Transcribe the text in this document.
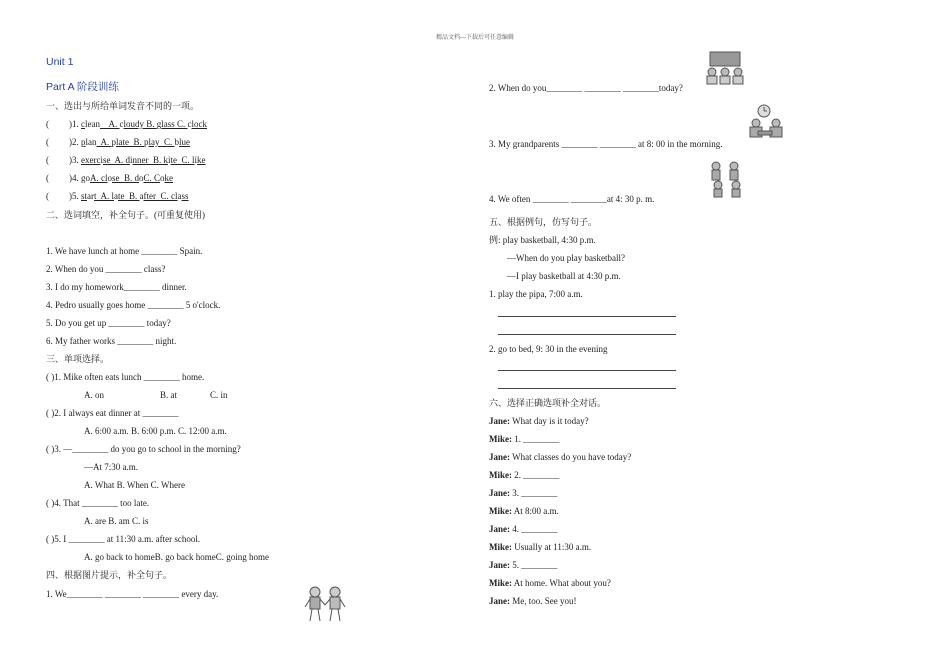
精品文档---下载后可任意编辑
Unit 1
Part A 阶段训练
一、选出与所给单词发音不同的一项。
( )1. clean    A. cloudy B. glass C. clock
( )2. plan  A. plate  B. play  C. blue
( )3. exercise  A. dinner  B. kite  C. like
( )4. goA. close  B. doC. Coke
( )5. start  A. late  B. after  C. class
二、选词填空，补全句子。(可重复使用)
1. We have lunch at home ________ Spain.
2. When do you ________ class?
3. I do my homework________ dinner.
4. Pedro usually goes home ________ 5 o'clock.
5. Do you get up ________ today?
6. My father works ________ night.
三、单项选择。
( )1. Mike often eats lunch ________ home.
A. on	B. at	C. in
( )2. I always eat dinner at ________
A. 6:00 a.m. B. 6:00 p.m. C. 12:00 a.m.
( )3. —________ do you go to school in the morning?
—At 7:30 a.m.
A. What B. When C. Where
( )4. That ________ too late.
A. are B. am C. is
( )5. I ________ at 11:30 a.m. after school.
A. go back to homeB. go back homeC. going home
四、根据图片提示，补全句子。
1. We________ ________ ________ every day.
2. When do you________ ________ ________today?
3. My grandparents ________ ________ at 8: 00 in the morning.
4. We often ________ ________at 4: 30 p. m.
五、根据例句，仿写句子。
例: play basketball, 4:30 p.m.
—When do you play basketball?
—I play basketball at 4:30 p.m.
1. play the pipa, 7:00 a.m.
2. go to bed, 9: 30 in the evening
六、选择正确选项补全对话。
Jane: What day is it today?
Mike: 1. ________
Jane: What classes do you have today?
Mike: 2. ________
Jane: 3. ________
Mike: At 8:00 a.m.
Jane: 4. ________
Mike: Usually at 11:30 a.m.
Jane: 5. ________
Mike: At home. What about you?
Jane: Me, too. See you!
